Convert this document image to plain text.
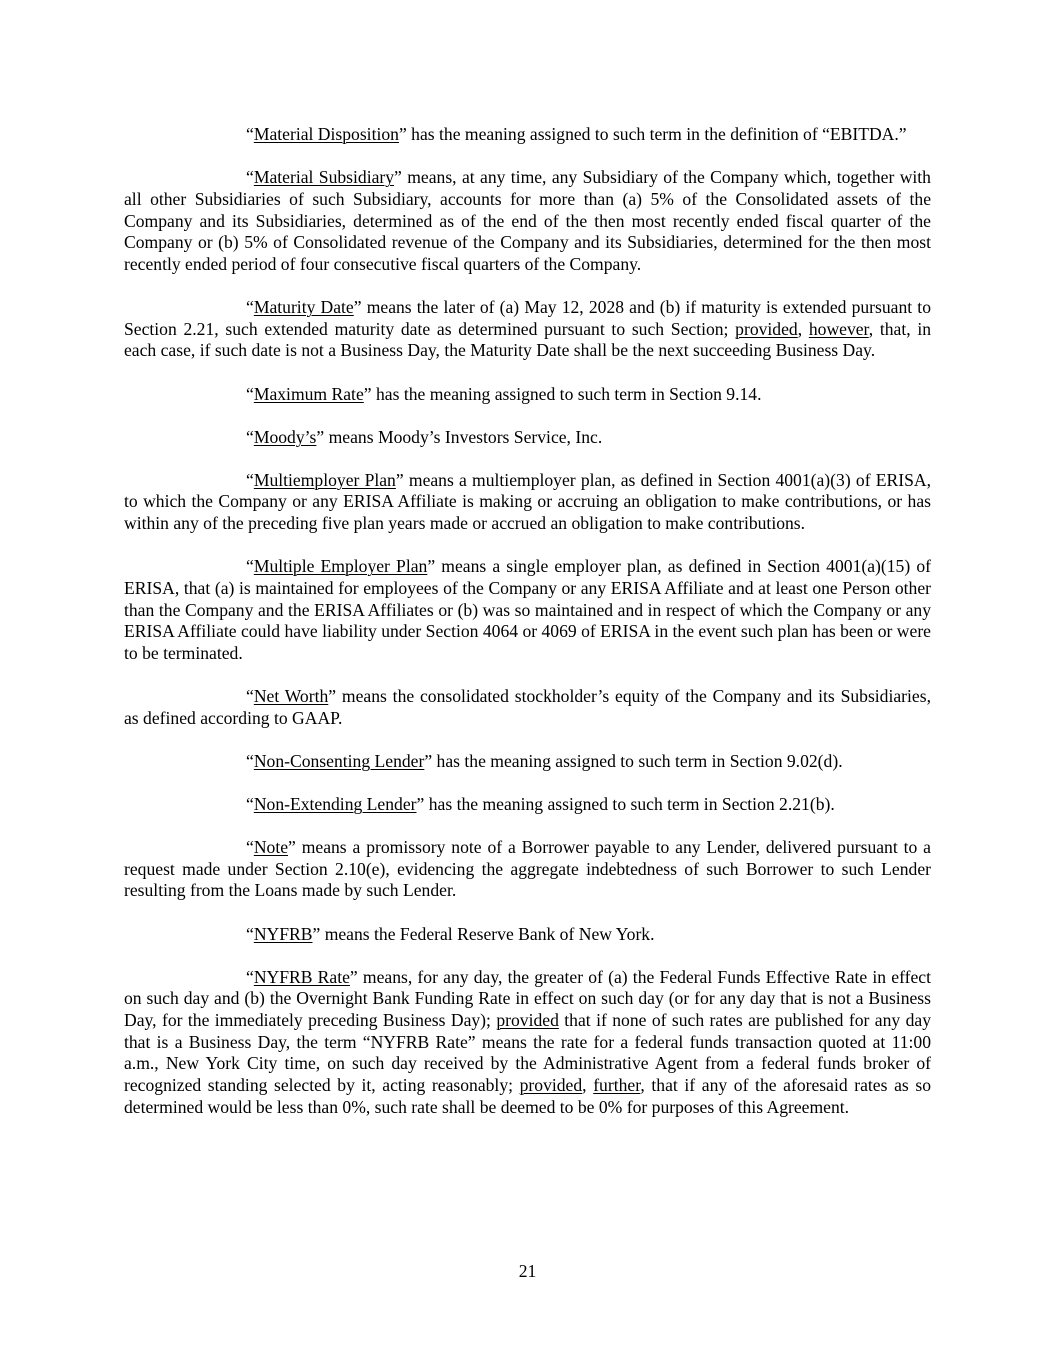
“Material Disposition” has the meaning assigned to such term in the definition of “EBITDA.”

“Material Subsidiary” means, at any time, any Subsidiary of the Company which, together with all other Subsidiaries of such Subsidiary, accounts for more than (a) 5% of the Consolidated assets of the Company and its Subsidiaries, determined as of the end of the then most recently ended fiscal quarter of the Company or (b) 5% of Consolidated revenue of the Company and its Subsidiaries, determined for the then most recently ended period of four consecutive fiscal quarters of the Company.

“Maturity Date” means the later of (a) May 12, 2028 and (b) if maturity is extended pursuant to Section 2.21, such extended maturity date as determined pursuant to such Section; provided, however, that, in each case, if such date is not a Business Day, the Maturity Date shall be the next succeeding Business Day.

“Maximum Rate” has the meaning assigned to such term in Section 9.14.

“Moody’s” means Moody’s Investors Service, Inc.

“Multiemployer Plan” means a multiemployer plan, as defined in Section 4001(a)(3) of ERISA, to which the Company or any ERISA Affiliate is making or accruing an obligation to make contributions, or has within any of the preceding five plan years made or accrued an obligation to make contributions.

“Multiple Employer Plan” means a single employer plan, as defined in Section 4001(a)(15) of ERISA, that (a) is maintained for employees of the Company or any ERISA Affiliate and at least one Person other than the Company and the ERISA Affiliates or (b) was so maintained and in respect of which the Company or any ERISA Affiliate could have liability under Section 4064 or 4069 of ERISA in the event such plan has been or were to be terminated.

“Net Worth” means the consolidated stockholder’s equity of the Company and its Subsidiaries, as defined according to GAAP.

“Non-Consenting Lender” has the meaning assigned to such term in Section 9.02(d).

“Non-Extending Lender” has the meaning assigned to such term in Section 2.21(b).

“Note” means a promissory note of a Borrower payable to any Lender, delivered pursuant to a request made under Section 2.10(e), evidencing the aggregate indebtedness of such Borrower to such Lender resulting from the Loans made by such Lender.

“NYFRB” means the Federal Reserve Bank of New York.

“NYFRB Rate” means, for any day, the greater of (a) the Federal Funds Effective Rate in effect on such day and (b) the Overnight Bank Funding Rate in effect on such day (or for any day that is not a Business Day, for the immediately preceding Business Day); provided that if none of such rates are published for any day that is a Business Day, the term “NYFRB Rate” means the rate for a federal funds transaction quoted at 11:00 a.m., New York City time, on such day received by the Administrative Agent from a federal funds broker of recognized standing selected by it, acting reasonably; provided, further, that if any of the aforesaid rates as so determined would be less than 0%, such rate shall be deemed to be 0% for purposes of this Agreement.

21
